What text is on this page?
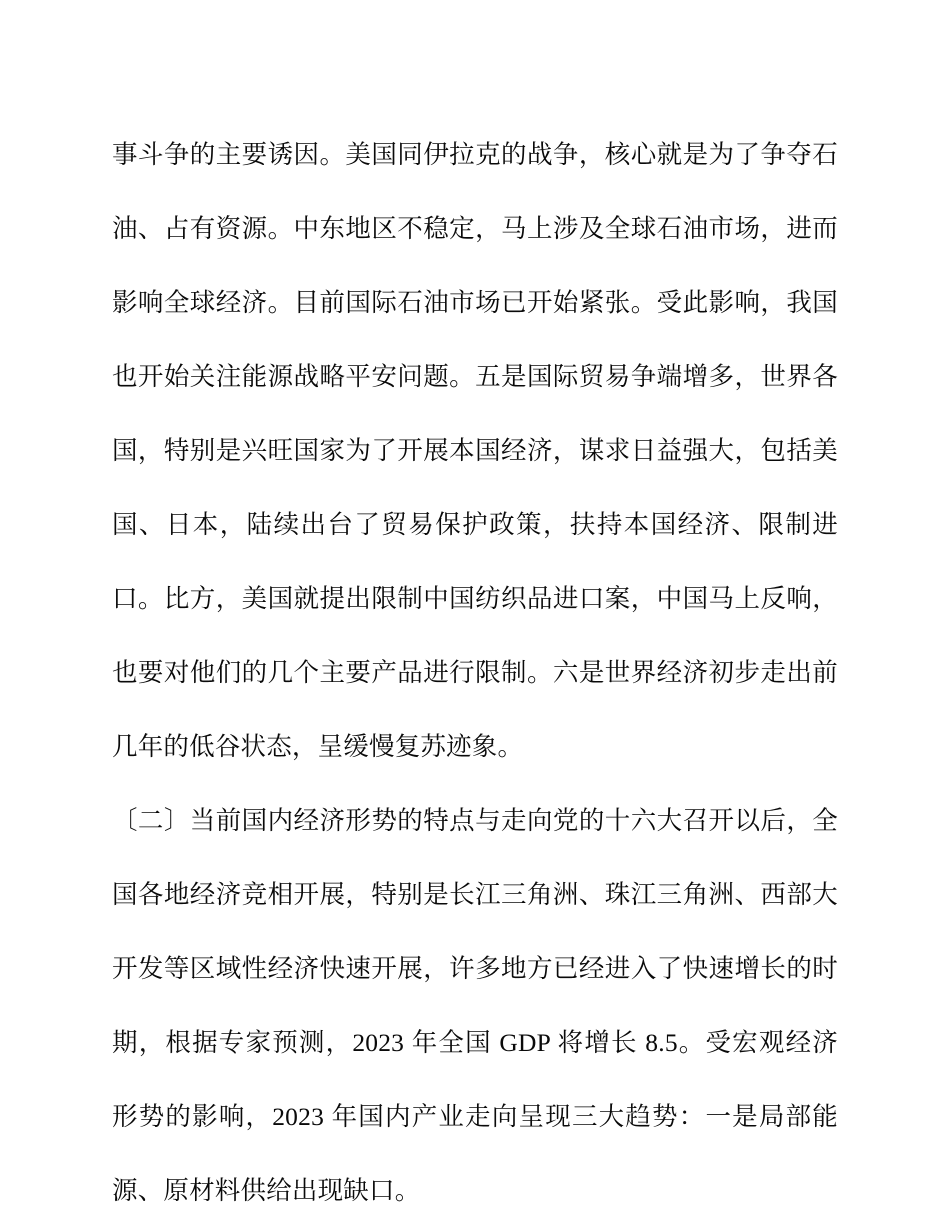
事斗争的主要诱因。美国同伊拉克的战争，核心就是为了争夺石油、占有资源。中东地区不稳定，马上涉及全球石油市场，进而影响全球经济。目前国际石油市场已开始紧张。受此影响，我国也开始关注能源战略平安问题。五是国际贸易争端增多，世界各国，特别是兴旺国家为了开展本国经济，谋求日益强大，包括美国、日本，陆续出台了贸易保护政策，扶持本国经济、限制进口。比方，美国就提出限制中国纺织品进口案，中国马上反响，也要对他们的几个主要产品进行限制。六是世界经济初步走出前几年的低谷状态，呈缓慢复苏迹象。

〔二〕当前国内经济形势的特点与走向党的十六大召开以后，全国各地经济竞相开展，特别是长江三角洲、珠江三角洲、西部大开发等区域性经济快速开展，许多地方已经进入了快速增长的时期，根据专家预测，2023 年全国 GDP 将增长 8.5。受宏观经济形势的影响，2023 年国内产业走向呈现三大趋势：一是局部能源、原材料供给出现缺口。
